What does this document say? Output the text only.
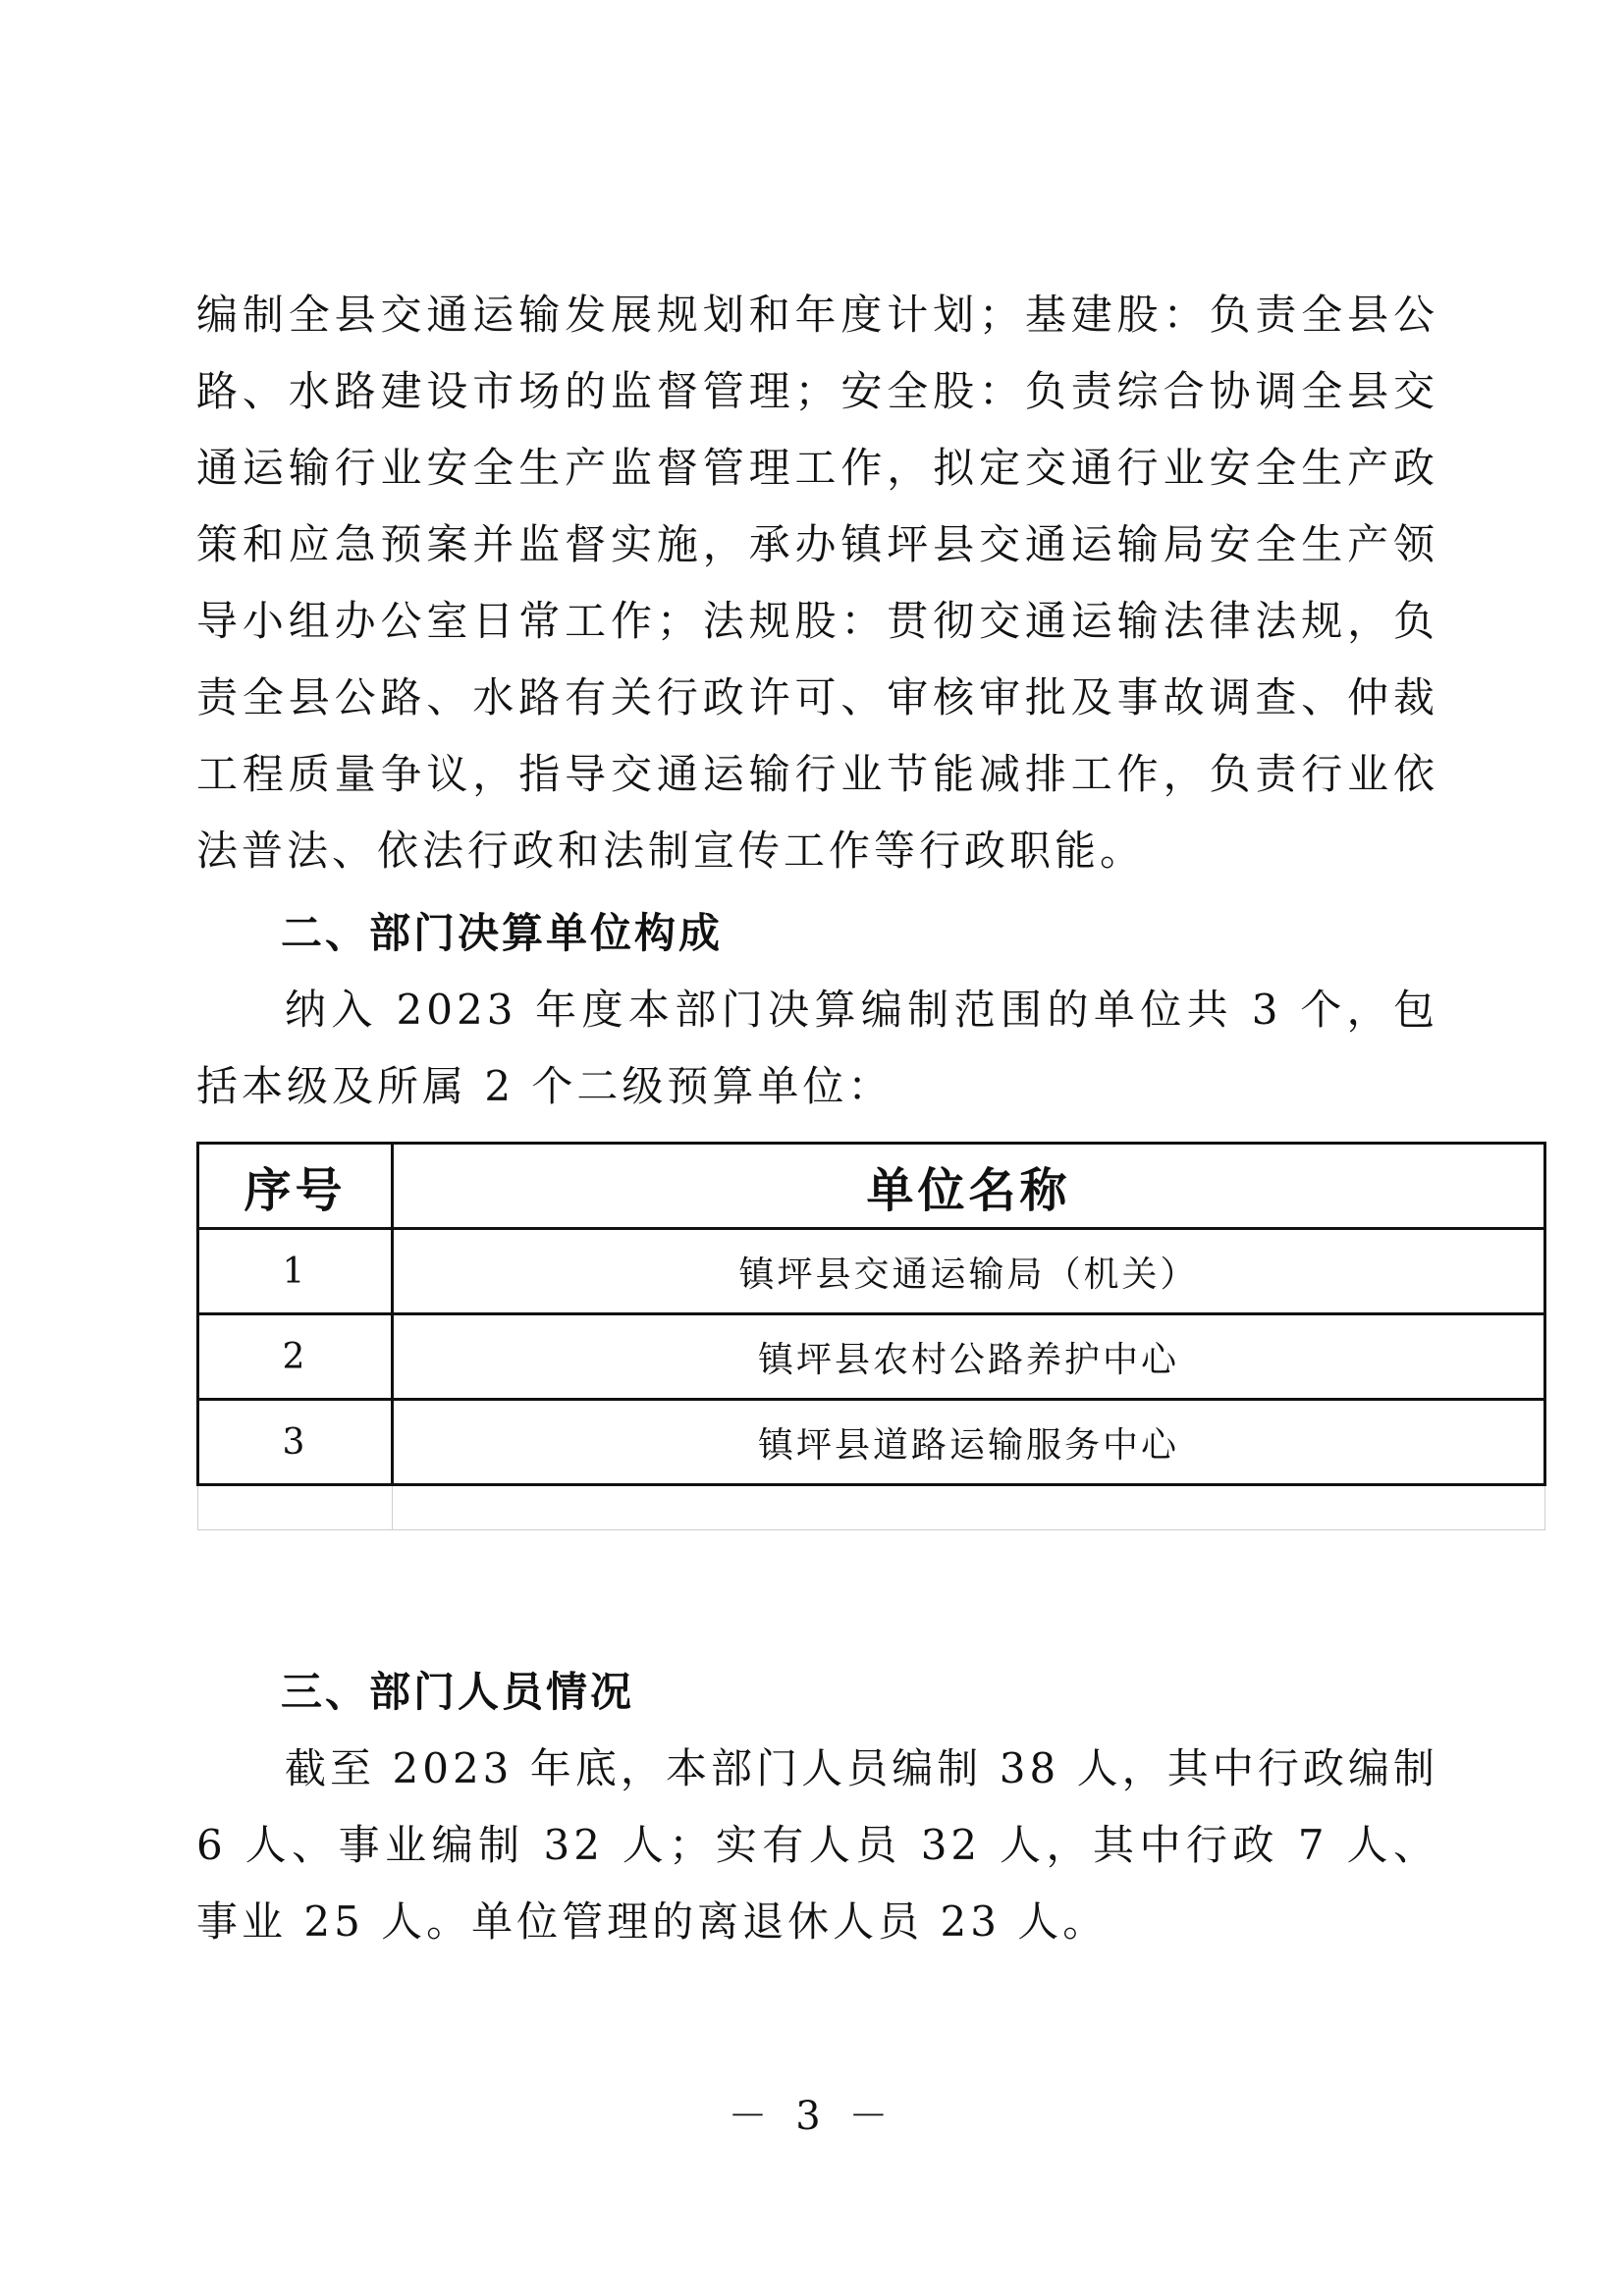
编制全县交通运输发展规划和年度计划；基建股：负责全县公路、水路建设市场的监督管理；安全股：负责综合协调全县交通运输行业安全生产监督管理工作，拟定交通行业安全生产政策和应急预案并监督实施，承办镇坪县交通运输局安全生产领导小组办公室日常工作；法规股：贯彻交通运输法律法规，负责全县公路、水路有关行政许可、审核审批及事故调查、仲裁工程质量争议，指导交通运输行业节能减排工作，负责行业依法普法、依法行政和法制宣传工作等行政职能。

二、部门决算单位构成

纳入 2023 年度本部门决算编制范围的单位共 3 个，包括本级及所属 2 个二级预算单位：

序号	单位名称
1	镇坪县交通运输局（机关）
2	镇坪县农村公路养护中心
3	镇坪县道路运输服务中心

三、部门人员情况

截至 2023 年底，本部门人员编制 38 人，其中行政编制 6 人、事业编制 32 人；实有人员 32 人，其中行政 7 人、事业 25 人。单位管理的离退休人员 23 人。

－ 3 －
